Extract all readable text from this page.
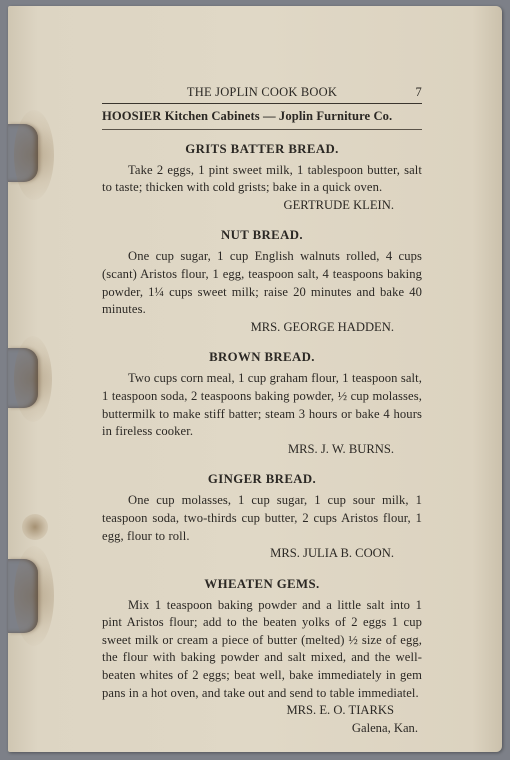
THE JOPLIN COOK BOOK	7
HOOSIER Kitchen Cabinets — Joplin Furniture Co.
GRITS BATTER BREAD.

Take 2 eggs, 1 pint sweet milk, 1 tablespoon butter, salt to taste; thicken with cold grists; bake in a quick oven.

GERTRUDE KLEIN.
NUT BREAD.

One cup sugar, 1 cup English walnuts rolled, 4 cups (scant) Aristos flour, 1 egg, teaspoon salt, 4 teaspoons baking powder, 1¼ cups sweet milk; raise 20 minutes and bake 40 minutes.

MRS. GEORGE HADDEN.
BROWN BREAD.

Two cups corn meal, 1 cup graham flour, 1 teaspoon salt, 1 teaspoon soda, 2 teaspoons baking powder, ½ cup molasses, buttermilk to make stiff batter; steam 3 hours or bake 4 hours in fireless cooker.

MRS. J. W. BURNS.
GINGER BREAD.

One cup molasses, 1 cup sugar, 1 cup sour milk, 1 teaspoon soda, two-thirds cup butter, 2 cups Aristos flour, 1 egg, flour to roll.

MRS. JULIA B. COON.
WHEATEN GEMS.

Mix 1 teaspoon baking powder and a little salt into 1 pint Aristos flour; add to the beaten yolks of 2 eggs 1 cup sweet milk or cream a piece of butter (melted) ½ size of egg, the flour with baking powder and salt mixed, and the well-beaten whites of 2 eggs; beat well, bake immediately in gem pans in a hot oven, and take out and send to table immediatel.

MRS. E. O. TIARKS
Galena, Kan.
